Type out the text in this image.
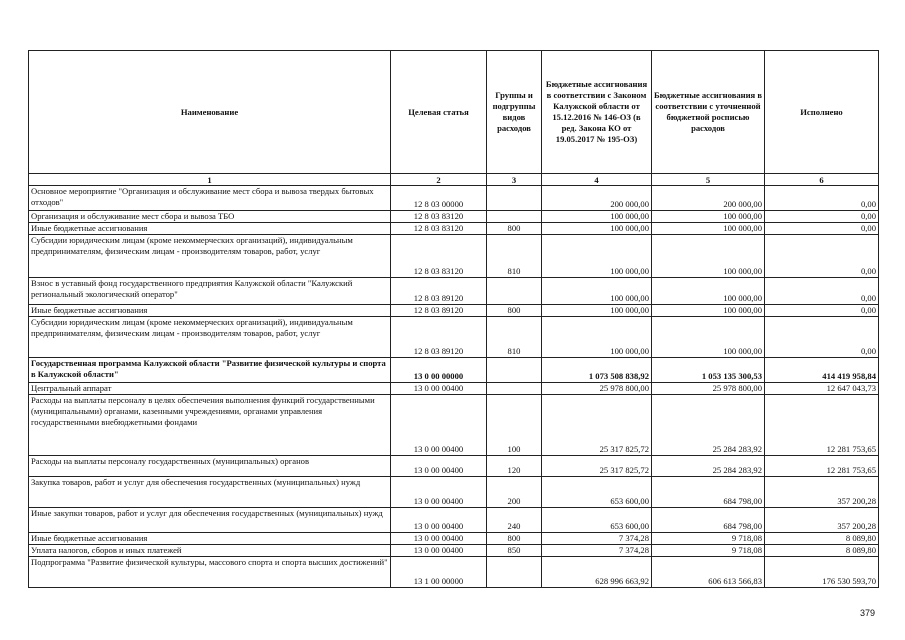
Наименование	Целевая статья	Группы и подгруппы видов расходов	Бюджетные ассигнования в соответствии с Законом Калужской области от 15.12.2016 № 146-ОЗ (в ред. Закона КО от 19.05.2017 № 195-ОЗ)	Бюджетные ассигнования в соответствии с уточненной бюджетной росписью расходов	Исполнено
1	2	3	4	5	6
Основное мероприятие "Организация и обслуживание мест сбора и вывоза твердых бытовых отходов"	12 8 03 00000		200 000,00	200 000,00	0,00
Организация и обслуживание мест сбора и вывоза ТБО	12 8 03 83120		100 000,00	100 000,00	0,00
Иные бюджетные ассигнования	12 8 03 83120	800	100 000,00	100 000,00	0,00
Субсидии юридическим лицам (кроме некоммерческих организаций), индивидуальным предпринимателям, физическим лицам - производителям товаров, работ, услуг	12 8 03 83120	810	100 000,00	100 000,00	0,00
Взнос в уставный фонд государственного предприятия Калужской области "Калужский региональный экологический оператор"	12 8 03 89120		100 000,00	100 000,00	0,00
Иные бюджетные ассигнования	12 8 03 89120	800	100 000,00	100 000,00	0,00
Субсидии юридическим лицам (кроме некоммерческих организаций), индивидуальным предпринимателям, физическим лицам - производителям товаров, работ, услуг	12 8 03 89120	810	100 000,00	100 000,00	0,00
Государственная программа Калужской области "Развитие физической культуры и спорта в Калужской области"	13 0 00 00000		1 073 508 838,92	1 053 135 300,53	414 419 958,84
Центральный аппарат	13 0 00 00400		25 978 800,00	25 978 800,00	12 647 043,73
Расходы на выплаты персоналу в целях обеспечения выполнения функций государственными (муниципальными) органами, казенными учреждениями, органами управления государственными внебюджетными фондами	13 0 00 00400	100	25 317 825,72	25 284 283,92	12 281 753,65
Расходы на выплаты персоналу государственных (муниципальных) органов	13 0 00 00400	120	25 317 825,72	25 284 283,92	12 281 753,65
Закупка товаров, работ и услуг для обеспечения государственных (муниципальных) нужд	13 0 00 00400	200	653 600,00	684 798,00	357 200,28
Иные закупки товаров, работ и услуг для обеспечения государственных (муниципальных) нужд	13 0 00 00400	240	653 600,00	684 798,00	357 200,28
Иные бюджетные ассигнования	13 0 00 00400	800	7 374,28	9 718,08	8 089,80
Уплата налогов, сборов и иных платежей	13 0 00 00400	850	7 374,28	9 718,08	8 089,80
Подпрограмма "Развитие физической культуры, массового спорта и спорта высших достижений"	13 1 00 00000		628 996 663,92	606 613 566,83	176 530 593,70
379
